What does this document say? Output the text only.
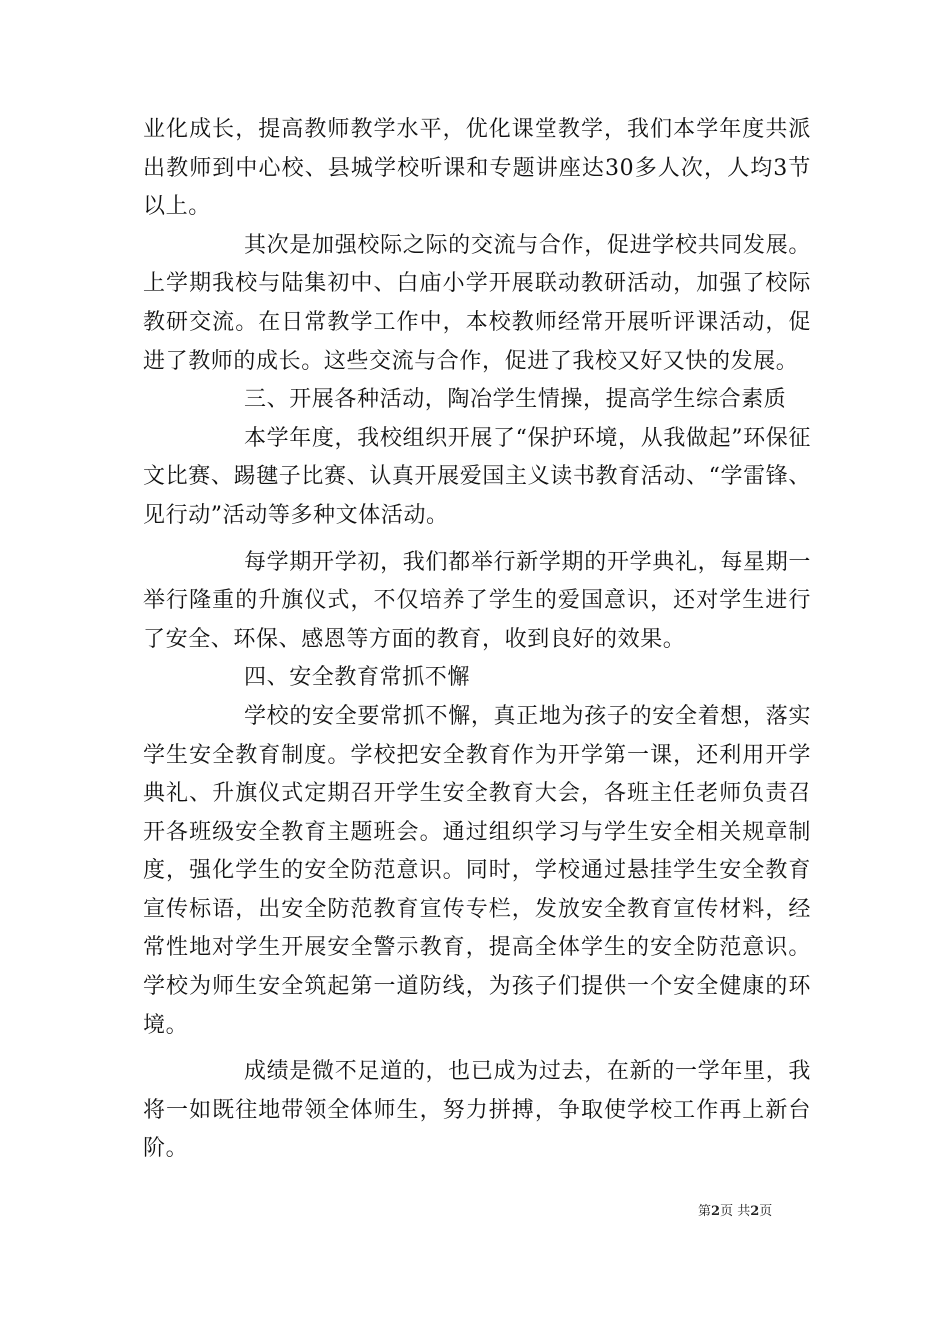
业化成长，提高教师教学水平，优化课堂教学，我们本学年度共派出教师到中心校、县城学校听课和专题讲座达30多人次，人均3节以上。

其次是加强校际之际的交流与合作，促进学校共同发展。上学期我校与陆集初中、白庙小学开展联动教研活动，加强了校际教研交流。在日常教学工作中，本校教师经常开展听评课活动，促进了教师的成长。这些交流与合作，促进了我校又好又快的发展。

三、开展各种活动，陶冶学生情操，提高学生综合素质

本学年度，我校组织开展了“保护环境，从我做起”环保征文比赛、踢毽子比赛、认真开展爱国主义读书教育活动、“学雷锋、见行动”活动等多种文体活动。

每学期开学初，我们都举行新学期的开学典礼，每星期一举行隆重的升旗仪式，不仅培养了学生的爱国意识，还对学生进行了安全、环保、感恩等方面的教育，收到良好的效果。

四、安全教育常抓不懈

学校的安全要常抓不懈，真正地为孩子的安全着想，落实学生安全教育制度。学校把安全教育作为开学第一课，还利用开学典礼、升旗仪式定期召开学生安全教育大会，各班主任老师负责召开各班级安全教育主题班会。通过组织学习与学生安全相关规章制度，强化学生的安全防范意识。同时，学校通过悬挂学生安全教育宣传标语，出安全防范教育宣传专栏，发放安全教育宣传材料，经常性地对学生开展安全警示教育，提高全体学生的安全防范意识。学校为师生安全筑起第一道防线，为孩子们提供一个安全健康的环境。

成绩是微不足道的，也已成为过去，在新的一学年里，我将一如既往地带领全体师生，努力拼搏，争取使学校工作再上新台阶。

第2页 共2页
